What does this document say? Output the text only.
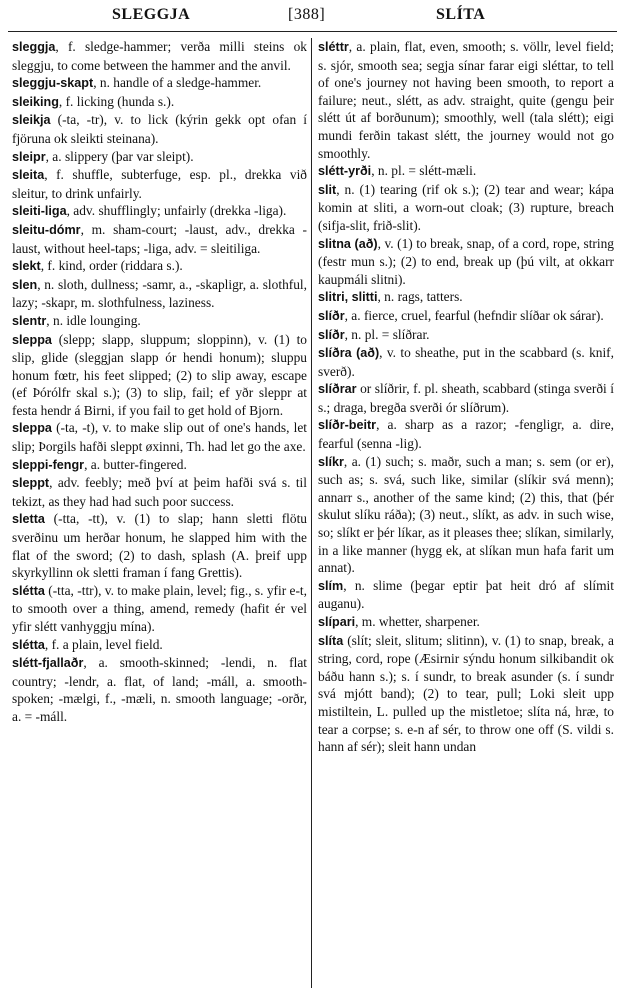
SLEGGJA	[388]	SLÍTA

sleggja, f. sledge-hammer; verða milli steins ok sleggju, to come between the hammer and the anvil.

sleggju-skapt, n. handle of a sledge-hammer.

sleiking, f. licking (hunda s.).

sleikja (-ta, -tr), v. to lick (kýrin gekk opt ofan í fjöruna ok sleikti steinana).

sleipr, a. slippery (þar var sleipt).

sleita, f. shuffle, subterfuge, esp. pl., drekka við sleitur, to drink unfairly.

sleiti-liga, adv. shufflingly; unfairly (drekka -liga).

sleitu-dómr, m. sham-court; -laust, adv., drekka -laust, without heel-taps; -liga, adv. = sleitiliga.

slekt, f. kind, order (riddara s.).

slen, n. sloth, dullness; -samr, a., -skapligr, a. slothful, lazy; -skapr, m. slothfulness, laziness.

slentr, n. idle lounging.

sleppa (slepp; slapp, sluppum; sloppinn), v. (1) to slip, glide (sleggjan slapp ór hendi honum); sluppu honum fœtr, his feet slipped; (2) to slip away, escape (ef Þórólfr skal s.); (3) to slip, fail; ef yðr sleppr at festa hendr á Birni, if you fail to get hold of Bjorn.

sleppa (-ta, -t), v. to make slip out of one's hands, let slip; Þorgils hafði sleppt øxinni, Th. had let go the axe.

sleppi-fengr, a. butter-fingered.

sleppt, adv. feebly; með því at þeim hafði svá s. til tekizt, as they had had such poor success.

sletta (-tta, -tt), v. (1) to slap; hann sletti flötu sverðinu um herðar honum, he slapped him with the flat of the sword; (2) to dash, splash (A. þreif upp skyrkyllinn ok sletti framan í fang Grettis).

slétta (-tta, -ttr), v. to make plain, level; fig., s. yfir e-t, to smooth over a thing, amend, remedy (hafit ér vel yfir slétt vanhyggju mína).

slétta, f. a plain, level field.

slétt-fjallaðr, a. smooth-skinned; -lendi, n. flat country; -lendr, a. flat, of land; -máll, a. smooth-spoken; -mælgi, f., -mæli, n. smooth language; -orðr, a. = -máll.

sléttr, a. plain, flat, even, smooth; s. völlr, level field; s. sjór, smooth sea; segja sínar farar eigi sléttar, to tell of one's journey not having been smooth, to report a failure; neut., slétt, as adv. straight, quite (gengu þeir slétt út af borðunum); smoothly, well (tala slétt); eigi mundi ferðin takast slétt, the journey would not go smoothly.

slétt-yrði, n. pl. = slétt-mæli.

slit, n. (1) tearing (rif ok s.); (2) tear and wear; kápa komin at sliti, a worn-out cloak; (3) rupture, breach (sifja-slit, frið-slit).

slitna (að), v. (1) to break, snap, of a cord, rope, string (festr mun s.); (2) to end, break up (þú vilt, at okkarr kaupmáli slitni).

slitri, slitti, n. rags, tatters.

slíðr, a. fierce, cruel, fearful (hefndir slíðar ok sárar).

slíðr, n. pl. = slíðrar.

slíðra (að), v. to sheathe, put in the scabbard (s. knif, sverð).

slíðrar or slíðrir, f. pl. sheath, scabbard (stinga sverði í s.; draga, bregða sverði ór slíðrum).

slíðr-beitr, a. sharp as a razor; -fengligr, a. dire, fearful (senna -lig).

slíkr, a. (1) such; s. maðr, such a man; s. sem (or er), such as; s. svá, such like, similar (slíkir svá menn); annarr s., another of the same kind; (2) this, that (þér skulut slíku ráða); (3) neut., slíkt, as adv. in such wise, so; slíkt er þér líkar, as it pleases thee; slíkan, similarly, in a like manner (hygg ek, at slíkan mun hafa farit um annat).

slím, n. slime (þegar eptir þat heit dró af slímit auganu).

slípari, m. whetter, sharpener.

slíta (slít; sleit, slitum; slitinn), v. (1) to snap, break, a string, cord, rope (Æsirnir sýndu honum silkibandit ok báðu hann s.); s. í sundr, to break asunder (s. í sundr svá mjótt band); (2) to tear, pull; Loki sleit upp mistiltein, L. pulled up the mistletoe; slíta ná, hræ, to tear a corpse; s. e-n af sér, to throw one off (S. vildi s. hann af sér); sleit hann undan
